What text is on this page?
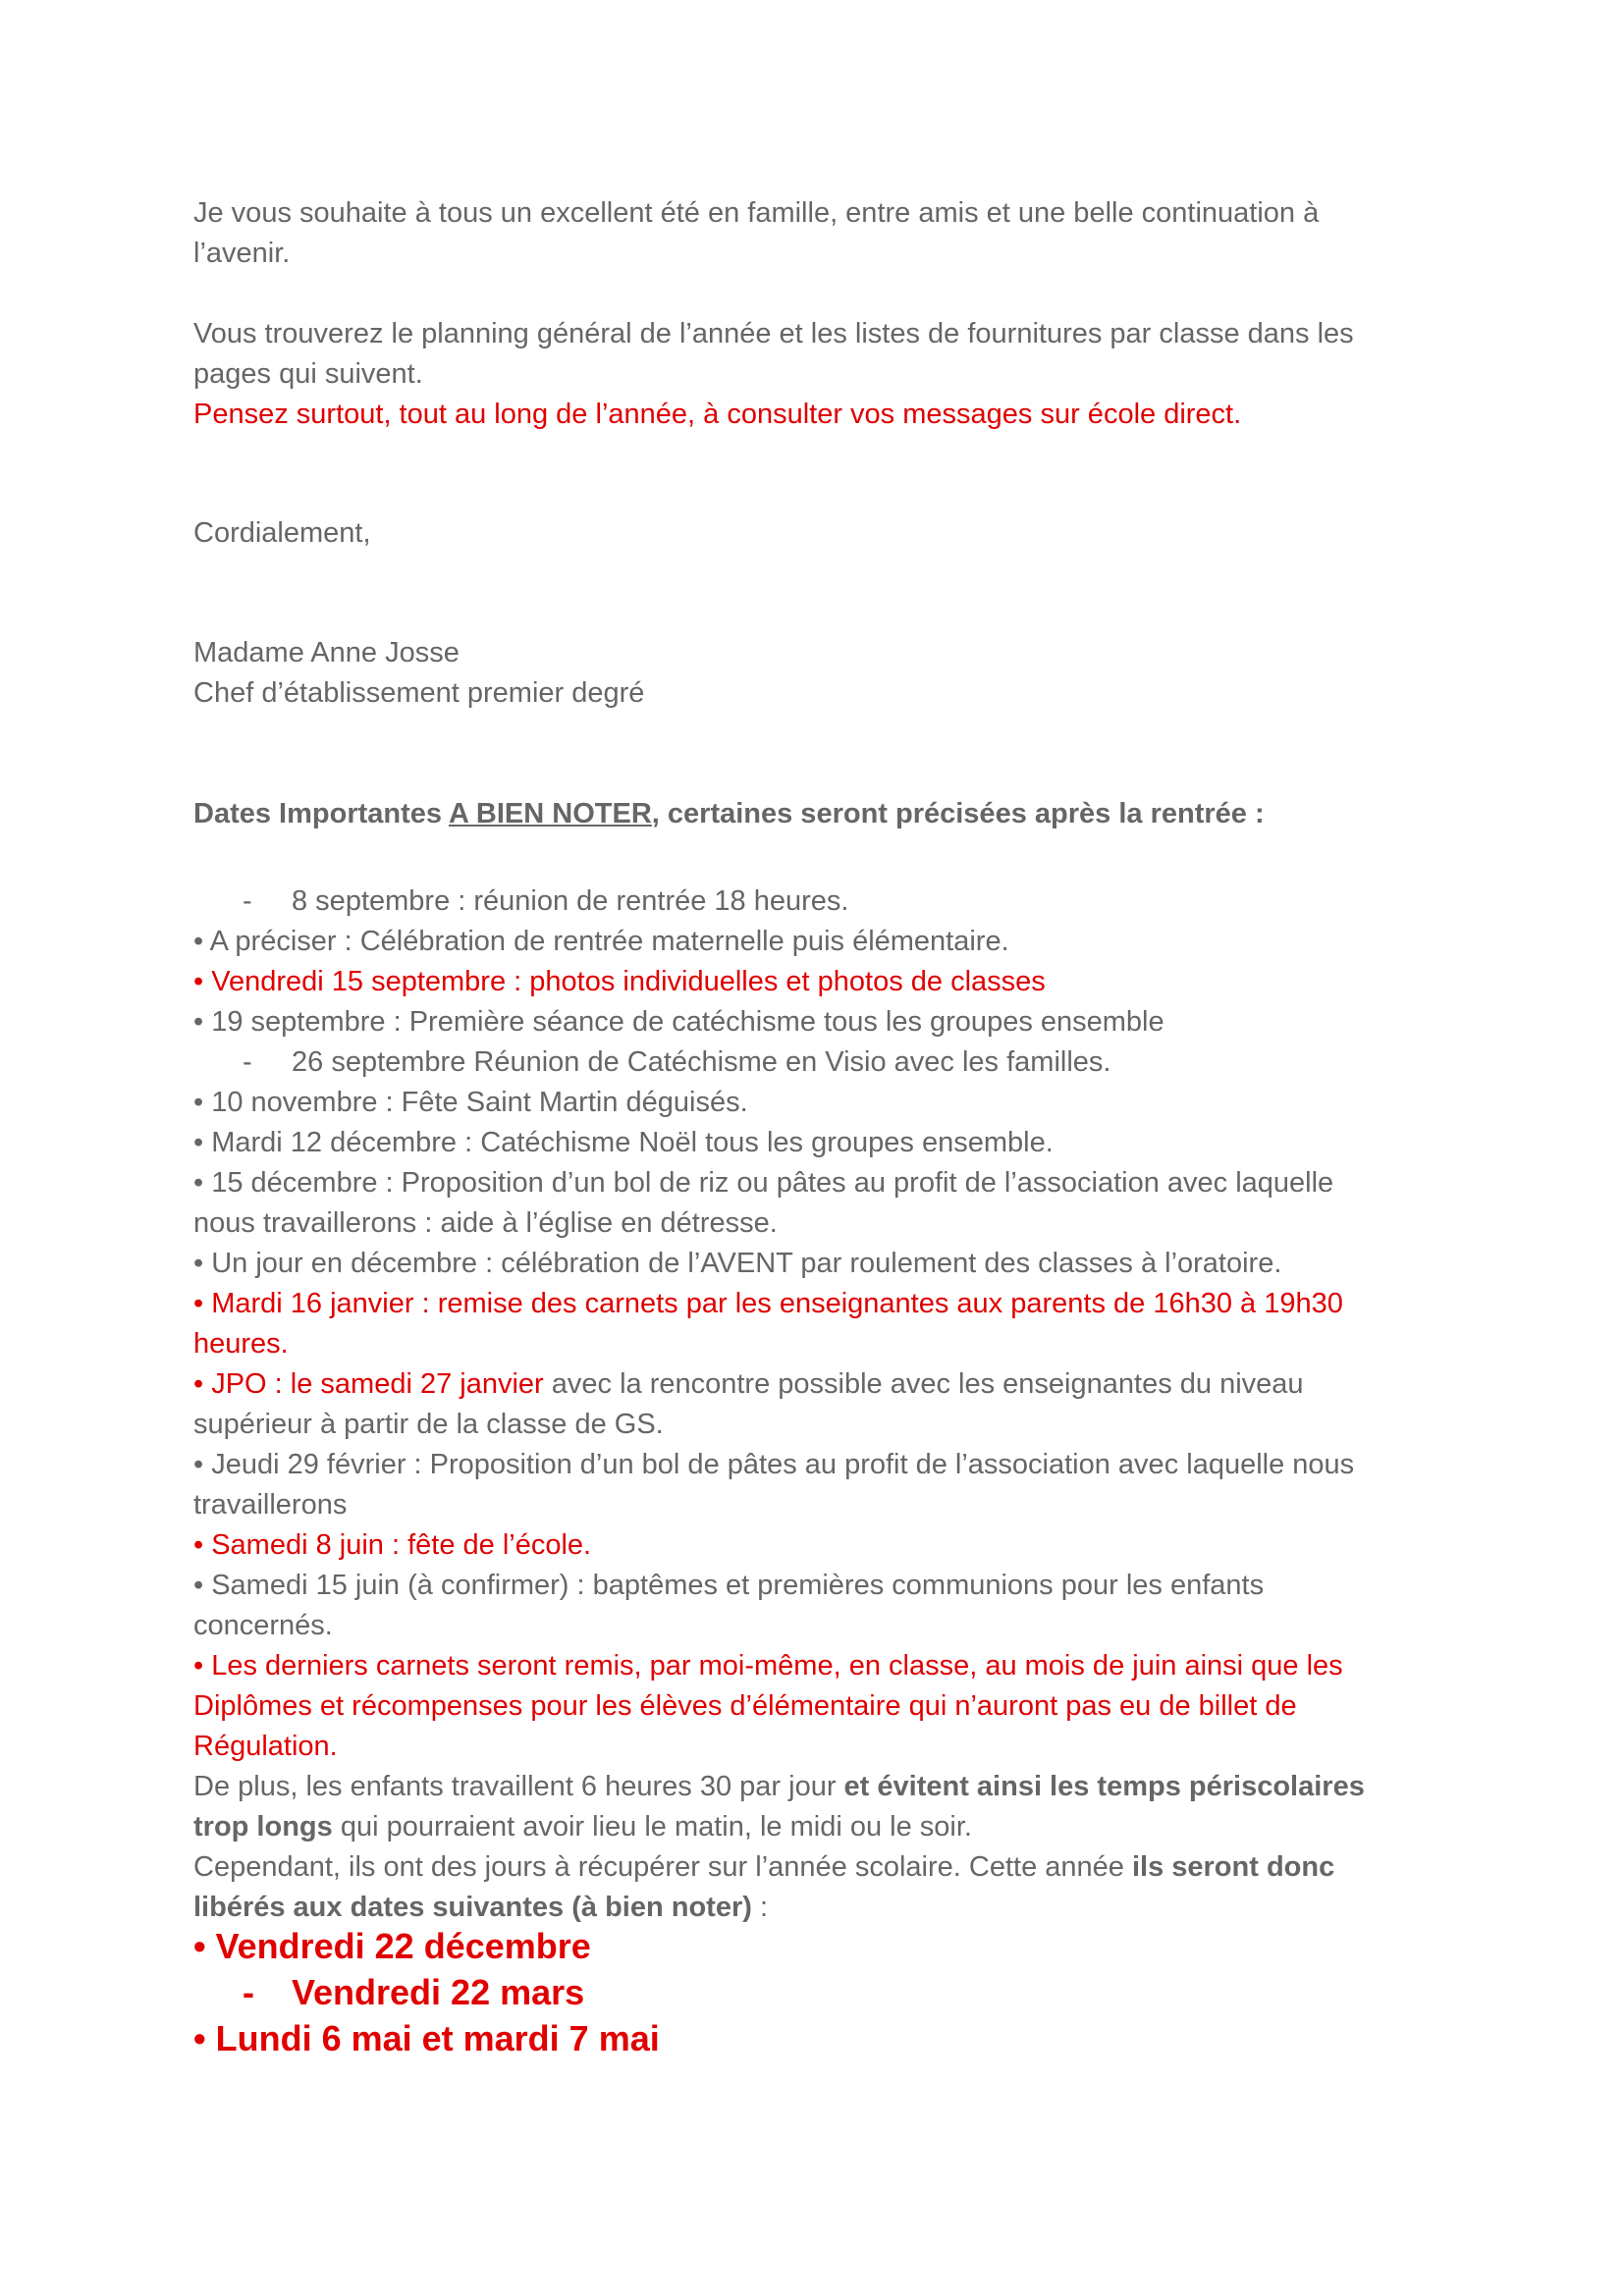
Je vous souhaite à tous un excellent été en famille, entre amis et une belle continuation à

l’avenir.

Vous trouverez le planning général de l’année et les listes de fournitures par classe dans les

pages qui suivent.

Pensez surtout, tout au long de l’année, à consulter vos messages sur école direct.

Cordialement,

Madame Anne Josse

Chef d’établissement premier degré

Dates Importantes A BIEN NOTER, certaines seront précisées après la rentrée :

- 8 septembre : réunion de rentrée 18 heures.

• A préciser : Célébration de rentrée maternelle puis élémentaire.

• Vendredi 15 septembre : photos individuelles et photos de classes

• 19 septembre : Première séance de catéchisme tous les groupes ensemble

- 26 septembre Réunion de Catéchisme en Visio avec les familles.

• 10 novembre : Fête Saint Martin déguisés.

• Mardi 12 décembre : Catéchisme Noël tous les groupes ensemble.

• 15 décembre : Proposition d’un bol de riz ou pâtes au profit de l’association avec laquelle

nous travaillerons : aide à l’église en détresse.

• Un jour en décembre : célébration de l’AVENT par roulement des classes à l’oratoire.

• Mardi 16 janvier : remise des carnets par les enseignantes aux parents de 16h30 à 19h30

heures.

• JPO : le samedi 27 janvier avec la rencontre possible avec les enseignantes du niveau

supérieur à partir de la classe de GS.

• Jeudi 29 février : Proposition d’un bol de pâtes au profit de l’association avec laquelle nous

travaillerons

• Samedi 8 juin : fête de l’école.

• Samedi 15 juin (à confirmer) : baptêmes et premières communions pour les enfants

concernés.

• Les derniers carnets seront remis, par moi-même, en classe, au mois de juin ainsi que les

Diplômes et récompenses pour les élèves d’élémentaire qui n’auront pas eu de billet de

Régulation.

De plus, les enfants travaillent 6 heures 30 par jour et évitent ainsi les temps périscolaires

trop longs qui pourraient avoir lieu le matin, le midi ou le soir.

Cependant, ils ont des jours à récupérer sur l’année scolaire. Cette année ils seront donc

libérés aux dates suivantes (à bien noter) :

• Vendredi 22 décembre

- Vendredi 22 mars

• Lundi 6 mai et mardi 7 mai
